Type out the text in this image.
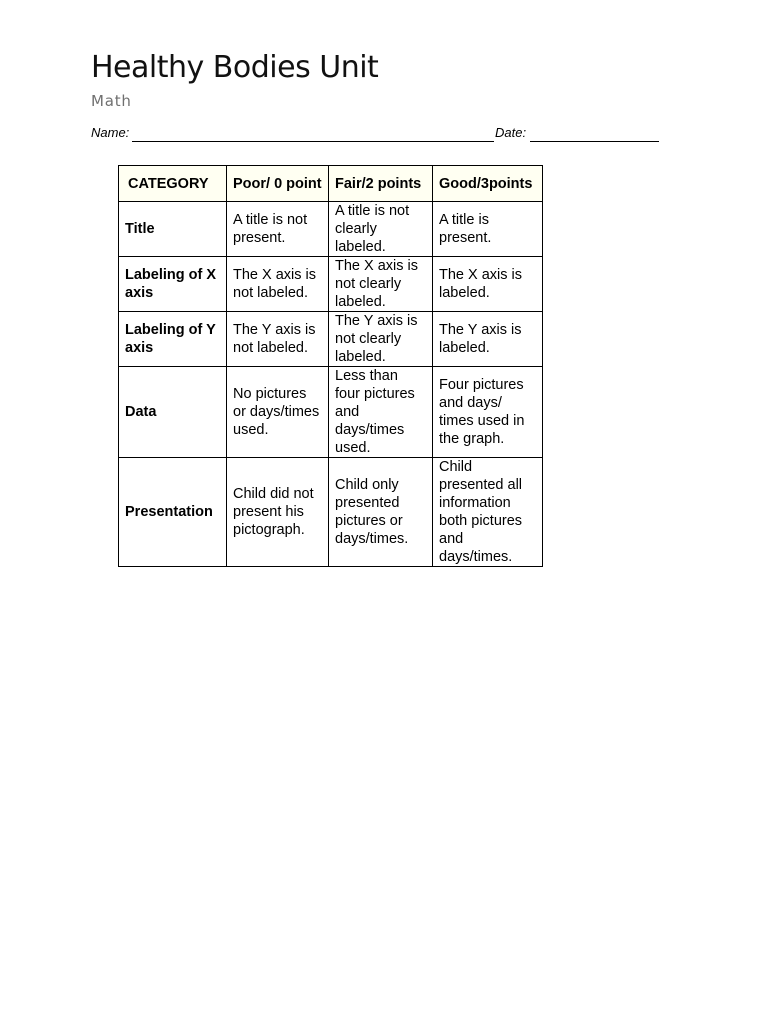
Healthy Bodies Unit
Math
Name:	Date:
CATEGORY	Poor/ 0 point	Fair/2 points	Good/3points
Title	A title is not present.	A title is not clearly labeled.	A title is present.
Labeling of X axis	The X axis is not labeled.	The X axis is not clearly labeled.	The X axis is labeled.
Labeling of Y axis	The Y axis is not labeled.	The Y axis is not clearly labeled.	The Y axis is labeled.
Data	No pictures or days/times used.	Less than four pictures and days/times used.	Four pictures and days/ times used in the graph.
Presentation	Child did not present his pictograph.	Child only presented pictures or days/times.	Child presented all information both pictures and days/times.
